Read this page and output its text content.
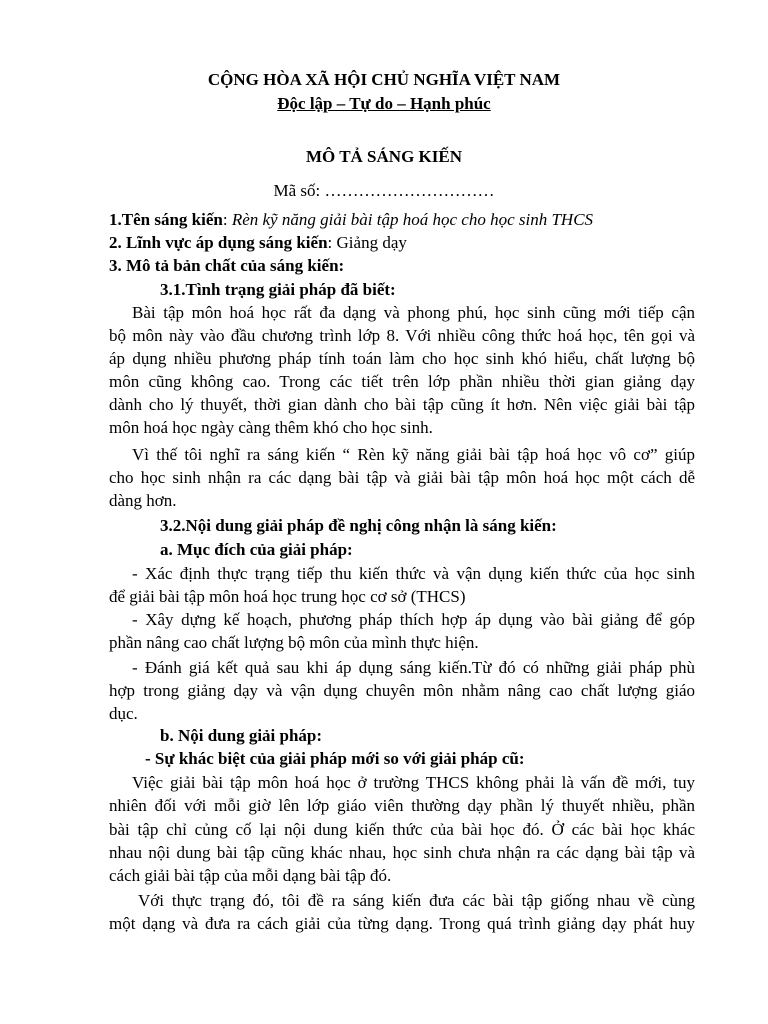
CỘNG HÒA XÃ HỘI CHỦ NGHĨA VIỆT NAM
Độc lập – Tự do – Hạnh phúc
MÔ TẢ SÁNG KIẾN
Mã số: …………………………
1.Tên sáng kiến: Rèn kỹ năng giải bài tập hoá học cho học sinh THCS
2. Lĩnh vực áp dụng sáng kiến: Giảng dạy
3. Mô tả bản chất của sáng kiến:
3.1.Tình trạng giải pháp đã biết:
Bài tập môn hoá học rất đa dạng và phong phú, học sinh cũng mới tiếp cận
bộ môn này vào đầu chương trình lớp 8. Với nhiều công thức hoá học, tên gọi và
áp dụng nhiều phương pháp tính toán làm cho học sinh khó hiểu, chất lượng bộ
môn cũng không cao. Trong các tiết trên lớp phần nhiều thời gian giảng dạy
dành cho lý thuyết, thời gian dành cho bài tập cũng ít hơn. Nên việc giải bài tập
môn hoá học ngày càng thêm khó cho học sinh.
Vì thế tôi nghĩ ra sáng kiến “ Rèn kỹ năng giải bài tập hoá học vô cơ” giúp
cho học sinh nhận ra các dạng bài tập và giải bài tập môn hoá học một cách dễ
dàng hơn.
3.2.Nội dung giải pháp đề nghị công nhận là sáng kiến:
a. Mục đích của giải pháp:
- Xác định thực trạng tiếp thu kiến thức và vận dụng kiến thức của học sinh
để giải bài tập môn hoá học trung học cơ sở (THCS)
- Xây dựng kế hoạch, phương pháp thích hợp áp dụng vào bài giảng để góp
phần nâng cao chất lượng bộ môn của mình thực hiện.
- Đánh giá kết quả sau khi áp dụng sáng kiến.Từ đó có những giải pháp phù
hợp trong giảng dạy và vận dụng chuyên môn nhằm nâng cao chất lượng giáo
dục.
b. Nội dung giải pháp:
- Sự khác biệt của giải pháp mới so với giải pháp cũ:
Việc giải bài tập môn hoá học ở trường THCS không phải là vấn đề mới, tuy
nhiên đối với mỗi giờ lên lớp giáo viên thường dạy phần lý thuyết nhiều, phần
bài tập chỉ củng cố lại nội dung kiến thức của bài học đó. Ở các bài học khác
nhau nội dung bài tập cũng khác nhau, học sinh chưa nhận ra các dạng bài tập và
cách giải bài tập của mỗi dạng bài tập đó.
Với thực trạng đó, tôi đề ra sáng kiến đưa các bài tập giống nhau về cùng
một dạng và đưa ra cách giải của từng dạng. Trong quá trình giảng dạy phát huy
